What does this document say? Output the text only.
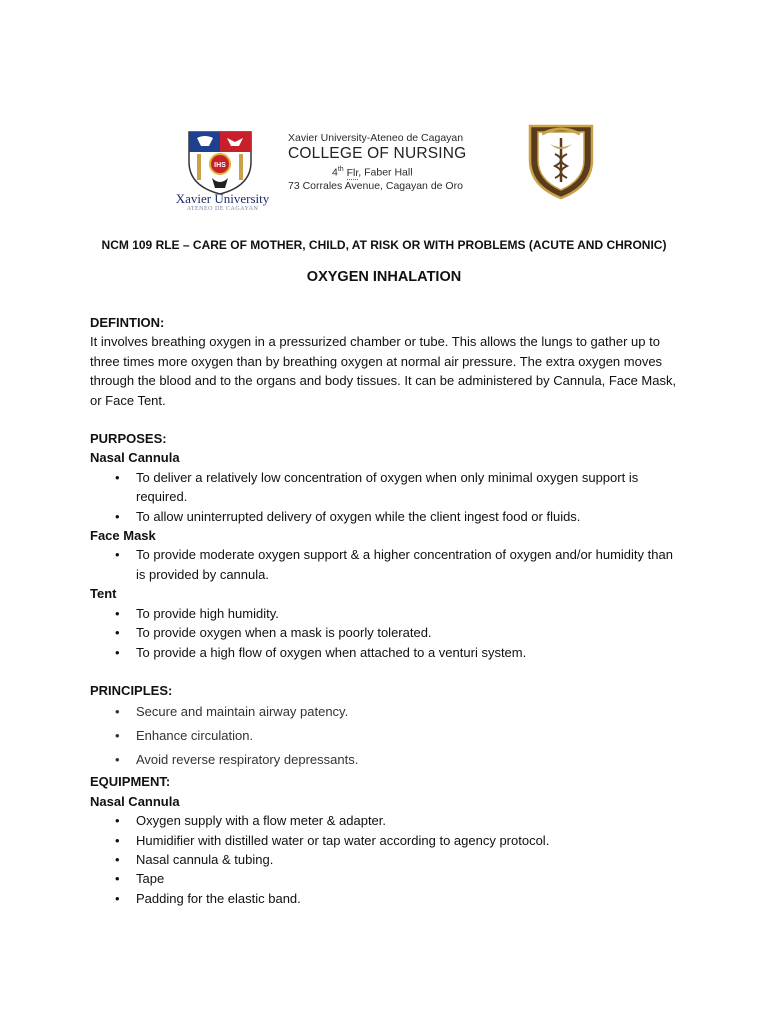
IHS
Xavier University
ATENEO DE CAGAYAN
Xavier University-Ateneo de Cagayan
COLLEGE OF NURSING
4th Flr, Faber Hall
73 Corrales Avenue, Cagayan de Oro
NCM 109 RLE – CARE OF MOTHER, CHILD, AT RISK OR WITH PROBLEMS (ACUTE AND CHRONIC)
OXYGEN INHALATION

DEFINTION:

It involves breathing oxygen in a pressurized chamber or tube. This allows the lungs to gather up to three times more oxygen than by breathing oxygen at normal air pressure. The extra oxygen moves through the blood and to the organs and body tissues. It can be administered by Cannula, Face Mask, or Face Tent.

PURPOSES:

Nasal Cannula

• To deliver a relatively low concentration of oxygen when only minimal oxygen support is required.
• To allow uninterrupted delivery of oxygen while the client ingest food or fluids.

Face Mask

• To provide moderate oxygen support & a higher concentration of oxygen and/or humidity than is provided by cannula.

Tent

• To provide high humidity.
• To provide oxygen when a mask is poorly tolerated.
• To provide a high flow of oxygen when attached to a venturi system.

PRINCIPLES:

• Secure and maintain airway patency.
• Enhance circulation.
• Avoid reverse respiratory depressants.

EQUIPMENT:

Nasal Cannula

• Oxygen supply with a flow meter & adapter.
• Humidifier with distilled water or tap water according to agency protocol.
• Nasal cannula & tubing.
• Tape
• Padding for the elastic band.
